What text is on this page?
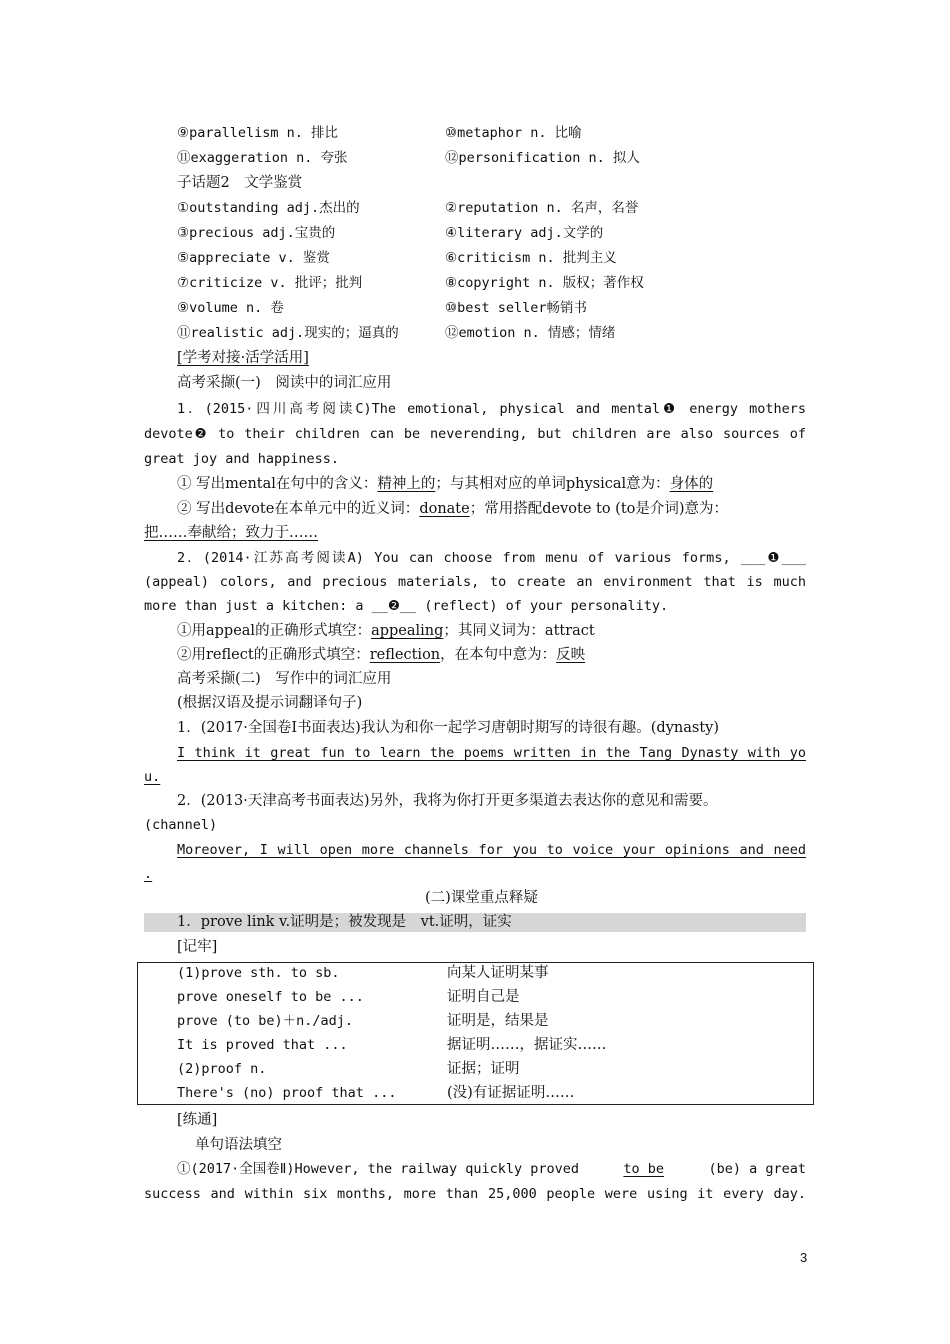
⑨parallelism n. 排比	⑩metaphor n. 比喻
⑪exaggeration n. 夸张	⑫personification n. 拟人
子话题2　文学鉴赏
①outstanding adj.杰出的	②reputation n. 名声，名誉
③precious adj.宝贵的	④literary adj.文学的
⑤appreciate v. 鉴赏	⑥criticism n. 批判主义
⑦criticize v. 批评；批判	⑧copyright n. 版权；著作权
⑨volume n. 卷	⑩best seller畅销书
⑪realistic adj.现实的；逼真的	⑫emotion n. 情感；情绪
[学考对接·活学活用]
高考采撷(一)　阅读中的词汇应用
1．(2015·四川高考阅读C)The emotional, physical and mental❶ energy mothers
devote❷ to their children can be neverending, but children are also sources of
great joy and happiness.
① 写出mental在句中的含义：精神上的；与其相对应的单词physical意为：身体的
② 写出devote在本单元中的近义词：donate；常用搭配devote to (to是介词)意为：
把……奉献给；致力于……
2．(2014·江苏高考阅读A) You can choose from menu of various forms, ___❶___
(appeal) colors, and precious materials, to create an environment that is much
more than just a kitchen: a __❷__ (reflect) of your personality.
①用appeal的正确形式填空：appealing；其同义词为：attract
②用reflect的正确形式填空：reflection，在本句中意为：反映
高考采撷(二)　写作中的词汇应用
(根据汉语及提示词翻译句子)
1．(2017·全国卷Ⅰ书面表达)我认为和你一起学习唐朝时期写的诗很有趣。(dynasty)
I think it great fun to learn the poems written in the Tang Dynasty with yo
u.
2．(2013·天津高考书面表达)另外，我将为你打开更多渠道去表达你的意见和需要。
(channel)
Moreover, I will open more channels for you to voice your opinions and need
.
(二)课堂重点释疑
1．prove link v.证明是；被发现是　vt.证明，证实
[记牢]
(1)prove sth. to sb.	向某人证明某事
prove oneself to be ...	证明自己是
prove (to be)＋n./adj.	证明是，结果是
It is proved that ...	据证明……，据证实……
(2)proof n.	证据；证明
There's (no) proof that ...	(没)有证据证明……
[练通]
单句语法填空
①(2017·全国卷Ⅱ)However, the railway quickly proved	to be	(be) a great
success and within six months, more than 25,000 people were using it every day.
3
